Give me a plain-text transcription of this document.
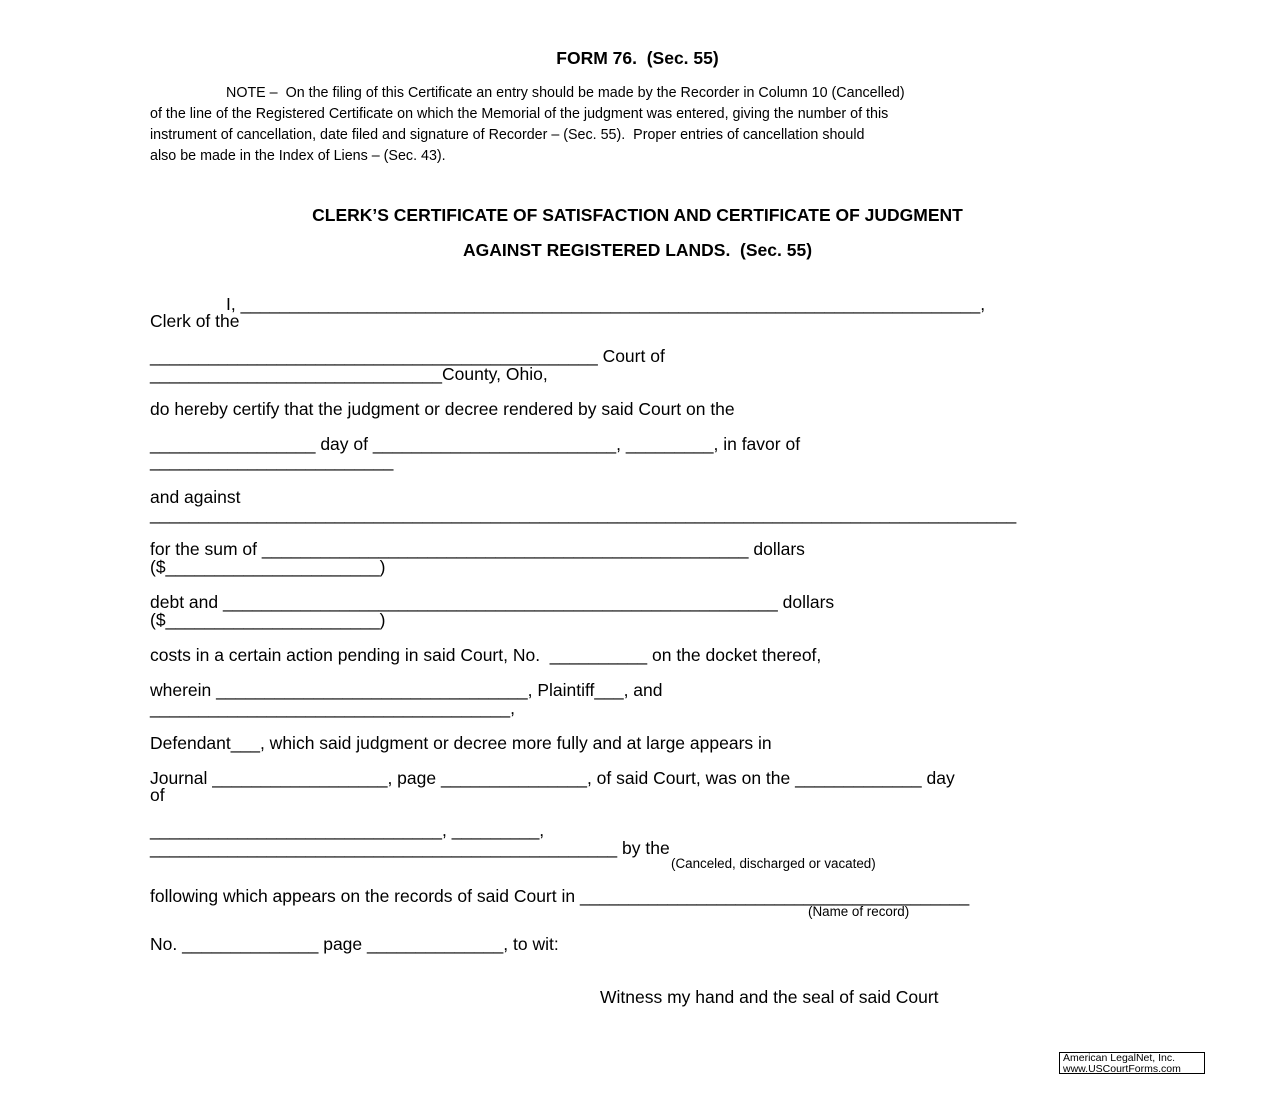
FORM 76.  (Sec. 55)
NOTE –  On the filing of this Certificate an entry should be made by the Recorder in Column 10 (Cancelled)
of the line of the Registered Certificate on which the Memorial of the judgment was entered, giving the number of this
instrument of cancellation, date filed and signature of Recorder – (Sec. 55).  Proper entries of cancellation should
also be made in the Index of Liens – (Sec. 43).
CLERK’S CERTIFICATE OF SATISFACTION AND CERTIFICATE OF JUDGMENT
AGAINST REGISTERED LANDS.  (Sec. 55)
I, ____________________________________________________________________________,
Clerk of the
______________________________________________ Court of
______________________________County, Ohio,
do hereby certify that the judgment or decree rendered by said Court on the
_________________ day of _________________________, _________, in favor of
_________________________
and against
_________________________________________________________________________________________
for the sum of __________________________________________________ dollars
($______________________)
debt and _________________________________________________________ dollars
($______________________)
costs in a certain action pending in said Court, No.  __________ on the docket thereof,
wherein ________________________________, Plaintiff___, and
_____________________________________,
Defendant___, which said judgment or decree more fully and at large appears in
Journal __________________, page _______________, of said Court, was on the _____________ day
of
______________________________, _________,
________________________________________________ by the
(Canceled, discharged or vacated)
following which appears on the records of said Court in ________________________________________
(Name of record)
No. ______________ page ______________, to wit:
Witness my hand and the seal of said Court
American LegalNet, Inc.
www.USCourtForms.com
